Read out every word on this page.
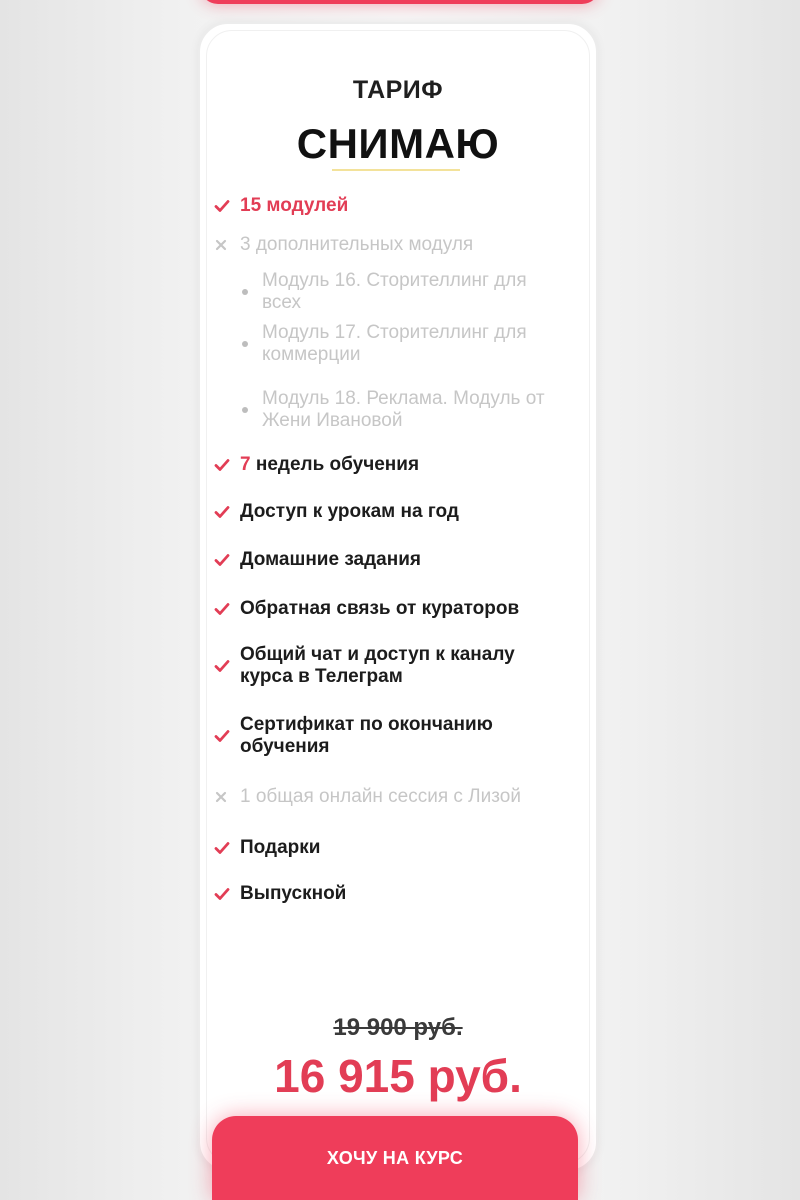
ТАРИФ
СНИМАЮ
15 модулей
3 дополнительных модуля
Модуль 16. Сторителлинг для всех
Модуль 17. Сторителлинг для коммерции
Модуль 18. Реклама. Модуль от Жени Ивановой
7 недель обучения
Доступ к урокам на год
Домашние задания
Обратная связь от кураторов
Общий чат и доступ к каналу курса в Телеграм
Сертификат по окончанию обучения
1 общая онлайн сессия с Лизой
Подарки
Выпускной
19 900 руб.
16 915 руб.
ХОЧУ НА КУРС
